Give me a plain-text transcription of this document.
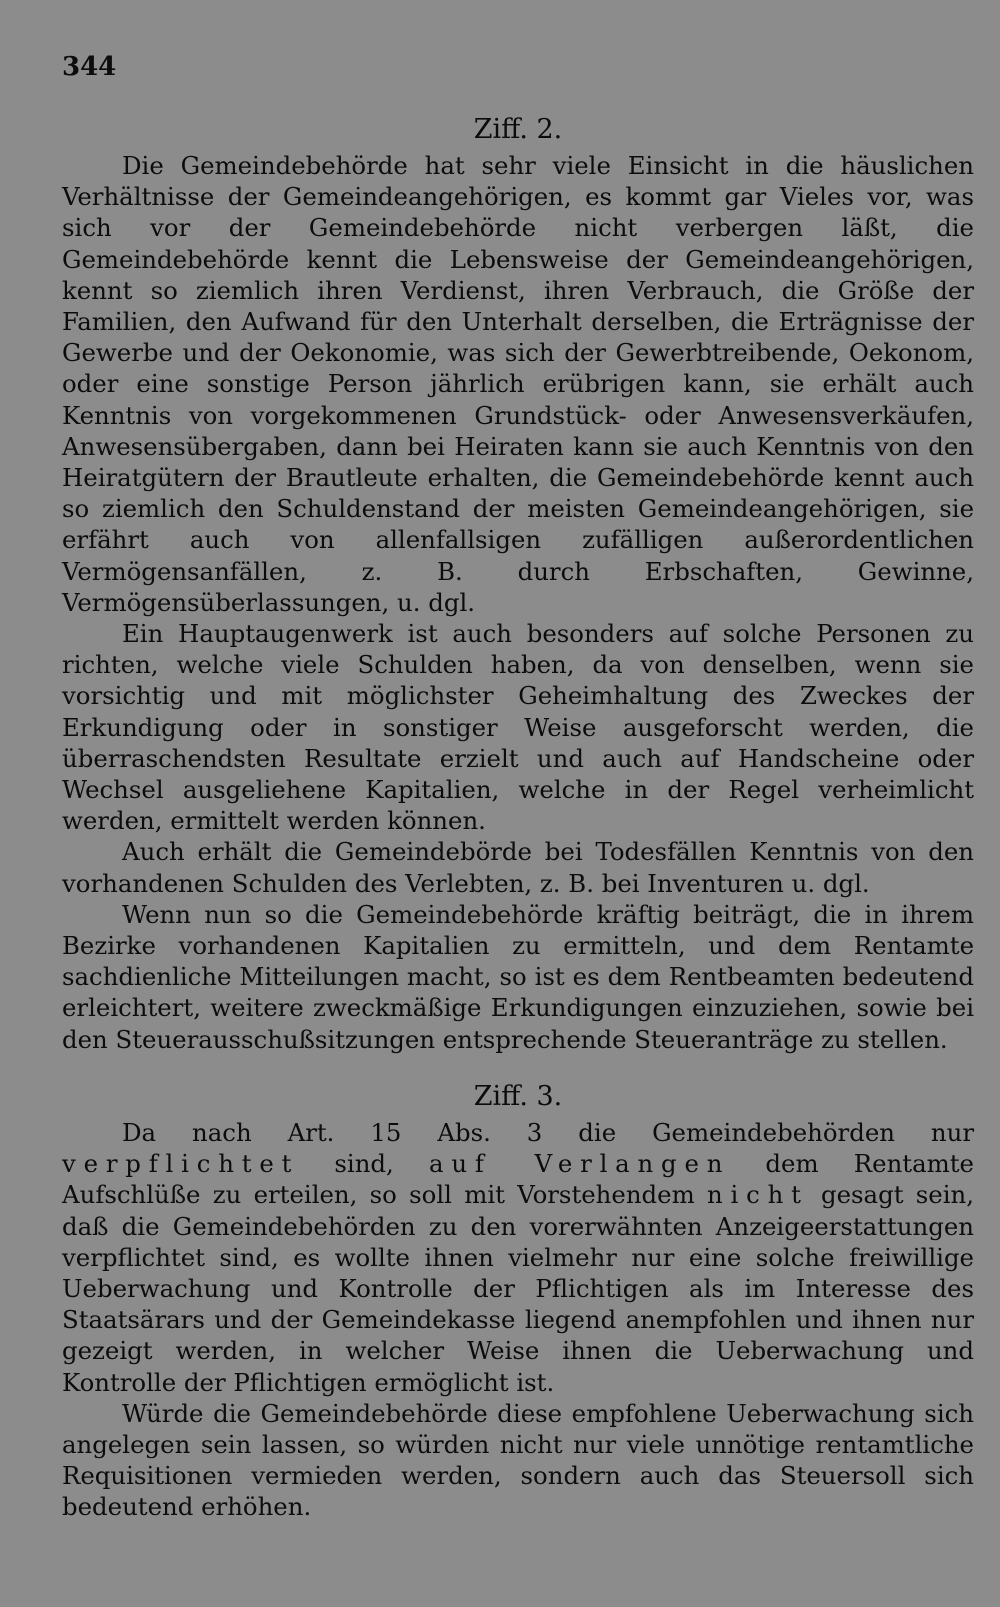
344
Ziff. 2.

Die Gemeindebehörde hat sehr viele Einsicht in die häuslichen Verhältnisse der Gemeindeangehörigen, es kommt gar Vieles vor, was sich vor der Gemeindebehörde nicht verbergen läßt, die Gemeindebehörde kennt die Lebensweise der Gemeindeangehörigen, kennt so ziemlich ihren Verdienst, ihren Verbrauch, die Größe der Familien, den Aufwand für den Unterhalt derselben, die Erträgnisse der Gewerbe und der Oekonomie, was sich der Gewerbtreibende, Oekonom, oder eine sonstige Person jährlich erübrigen kann, sie erhält auch Kenntnis von vorgekommenen Grundstück- oder Anwesensverkäufen, Anwesensübergaben, dann bei Heiraten kann sie auch Kenntnis von den Heiratgütern der Brautleute erhalten, die Gemeindebehörde kennt auch so ziemlich den Schuldenstand der meisten Gemeindeangehörigen, sie erfährt auch von allenfallsigen zufälligen außerordentlichen Vermögensanfällen, z. B. durch Erbschaften, Gewinne, Vermögensüberlassungen, u. dgl.

Ein Hauptaugenwerk ist auch besonders auf solche Personen zu richten, welche viele Schulden haben, da von denselben, wenn sie vorsichtig und mit möglichster Geheimhaltung des Zweckes der Erkundigung oder in sonstiger Weise ausgeforscht werden, die überraschendsten Resultate erzielt und auch auf Handscheine oder Wechsel ausgeliehene Kapitalien, welche in der Regel verheimlicht werden, ermittelt werden können.

Auch erhält die Gemeindebörde bei Todesfällen Kenntnis von den vorhandenen Schulden des Verlebten, z. B. bei Inventuren u. dgl.

Wenn nun so die Gemeindebehörde kräftig beiträgt, die in ihrem Bezirke vorhandenen Kapitalien zu ermitteln, und dem Rentamte sachdienliche Mitteilungen macht, so ist es dem Rentbeamten bedeutend erleichtert, weitere zweckmäßige Erkundigungen einzuziehen, sowie bei den Steuerausschußsitzungen entsprechende Steueranträge zu stellen.

Ziff. 3.

Da nach Art. 15 Abs. 3 die Gemeindebehörden nur verpflichtet sind, auf Verlangen dem Rentamte Aufschlüße zu erteilen, so soll mit Vorstehendem nicht gesagt sein, daß die Gemeindebehörden zu den vorerwähnten Anzeigeerstattungen verpflichtet sind, es wollte ihnen vielmehr nur eine solche freiwillige Ueberwachung und Kontrolle der Pflichtigen als im Interesse des Staatsärars und der Gemeindekasse liegend anempfohlen und ihnen nur gezeigt werden, in welcher Weise ihnen die Ueberwachung und Kontrolle der Pflichtigen ermöglicht ist.

Würde die Gemeindebehörde diese empfohlene Ueberwachung sich angelegen sein lassen, so würden nicht nur viele unnötige rentamtliche Requisitionen vermieden werden, sondern auch das Steuersoll sich bedeutend erhöhen.
